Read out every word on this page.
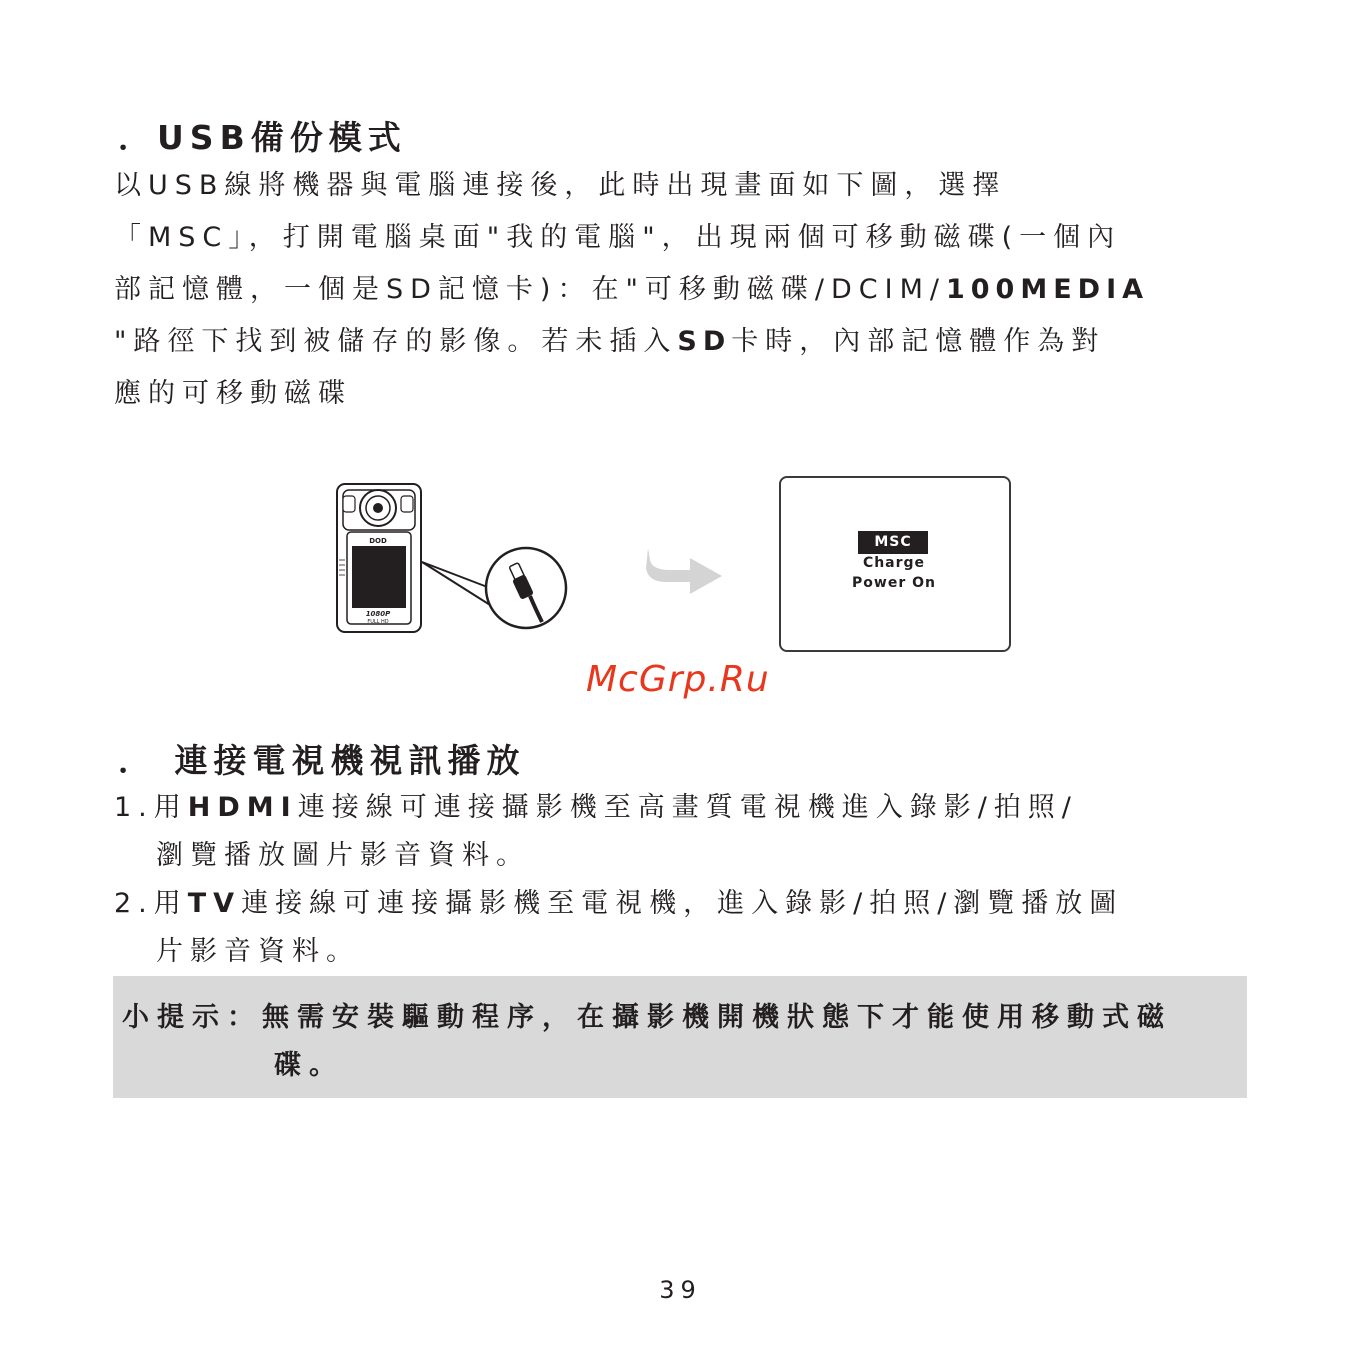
．USB備份模式
以USB線將機器與電腦連接後，此時出現畫面如下圖，選擇
「MSC」，打開電腦桌面"我的電腦"，出現兩個可移動磁碟(一個內
部記憶體，一個是SD記憶卡)：在"可移動磁碟/DCIM/100MEDIA
"路徑下找到被儲存的影像。若未插入SD卡時，內部記憶體作為對
應的可移動磁碟
DOD
1080P
FULL HD
MSC
Charge
Power On
McGrp.Ru
． 連接電視機視訊播放
1.用HDMI連接線可連接攝影機至高畫質電視機進入錄影/拍照/
瀏覽播放圖片影音資料。
2.用TV連接線可連接攝影機至電視機，進入錄影/拍照/瀏覽播放圖
片影音資料。
小提示：無需安裝驅動程序，在攝影機開機狀態下才能使用移動式磁
碟。
39
